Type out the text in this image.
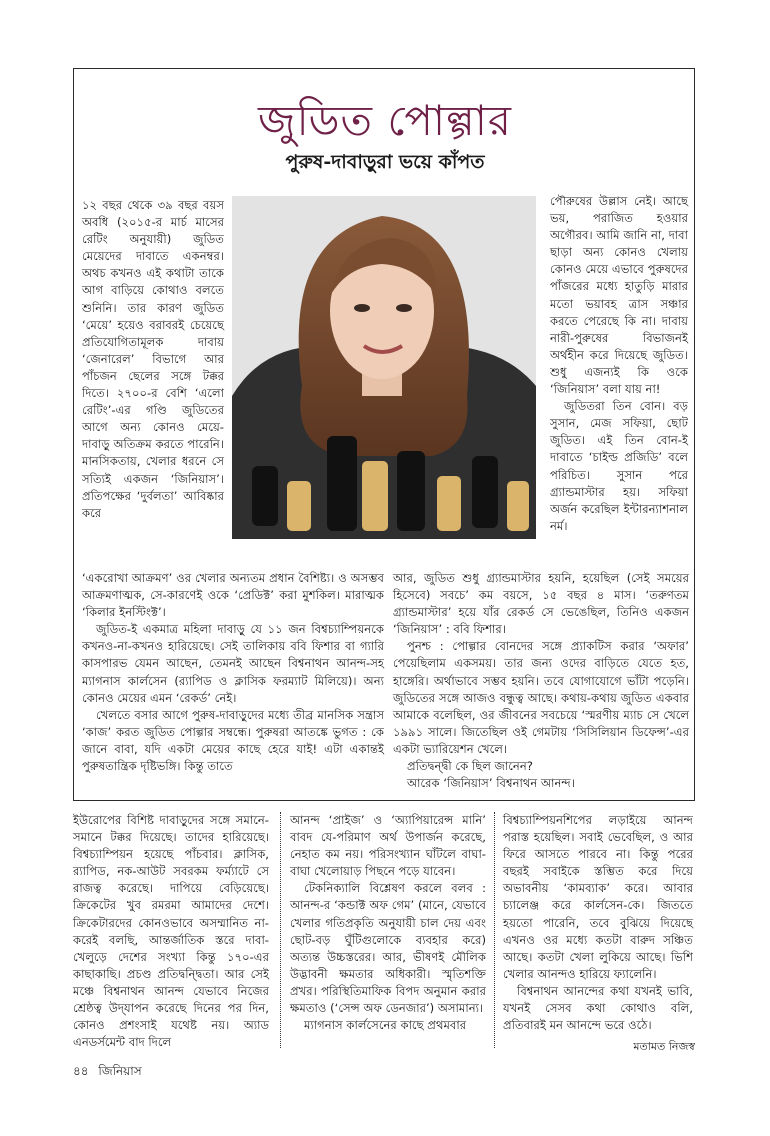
জুডিত পোল্গার
পুরুষ-দাবাড়ুরা ভয়ে কাঁপত

১২ বছর থেকে ৩৯ বছর বয়স অবধি (২০১৫-র মার্চ মাসের রেটিং অনুযায়ী) জুডিত মেয়েদের দাবাতে একনম্বর। অথচ কখনও এই কথাটা তাকে আগ বাড়িয়ে কোথাও বলতে শুনিনি। তার কারণ জুডিত ‘মেয়ে’ হয়েও বরাবরই চেয়েছে প্রতিযোগিতামূলক দাবায় ‘জেনারেল’ বিভাগে আর পাঁচজন ছেলের সঙ্গে টক্কর দিতে। ২৭০০-র বেশি ‘এলো রেটিং’-এর গণ্ডি জুডিতের আগে অন্য কোনও মেয়ে-দাবাড়ু অতিক্রম করতে পারেনি। মানসিকতায়, খেলার ধরনে সে সত্যিই একজন ‘জিনিয়াস’। প্রতিপক্ষের ‘দুর্বলতা’ আবিষ্কার করে

পৌরুষের উল্লাস নেই। আছে ভয়, পরাজিত হওয়ার অগৌরব। আমি জানি না, দাবা ছাড়া অন্য কোনও খেলায় কোনও মেয়ে এভাবে পুরুষদের পাঁজরের মধ্যে হাতুড়ি মারার মতো ভয়াবহ ত্রাস সঞ্চার করতে পেরেছে কি না। দাবায় নারী-পুরুষের বিভাজনই অর্থহীন করে দিয়েছে জুডিত। শুধু এজন্যই কি ওকে ‘জিনিয়াস’ বলা যায় না!

জুডিতরা তিন বোন। বড় সুসান, মেজ সফিয়া, ছোট জুডিত। এই তিন বোন-ই দাবাতে ‘চাইল্ড প্রজিডি’ বলে পরিচিত। সুসান পরে গ্র্যান্ডমাস্টার হয়। সফিয়া অর্জন করেছিল ইন্টারন্যাশনাল নর্ম।

‘একরোখা আক্রমণ’ ওর খেলার অন্যতম প্রধান বৈশিষ্ট্য। ও অসম্ভব আক্রমণাত্মক, সে-কারণেই ওকে ‘প্রেডিক্ট’ করা মুশকিল। মারাত্মক ‘কিলার ইনস্টিংক্ট’।

জুডিত-ই একমাত্র মহিলা দাবাড়ু যে ১১ জন বিশ্বচ্যাম্পিয়নকে কখনও-না-কখনও হারিয়েছে। সেই তালিকায় ববি ফিশার বা গ্যারি কাসপারভ যেমন আছেন, তেমনই আছেন বিশ্বনাথন আনন্দ-সহ ম্যাগনাস কার্লসেন (র‍্যাপিড ও ক্লাসিক ফরম্যাট মিলিয়ে)। অন্য কোনও মেয়ের এমন ‘রেকর্ড’ নেই।

খেলতে বসার আগে পুরুষ-দাবাড়ুদের মধ্যে তীব্র মানসিক সন্ত্রাস ‘কাজ’ করত জুডিত পোল্গার সম্বন্ধে। পুরুষরা আতঙ্কে ভুগত : কে জানে বাবা, যদি একটা মেয়ের কাছে হেরে যাই! এটা একান্তই পুরুষতান্ত্রিক দৃষ্টিভঙ্গি। কিন্তু তাতে

আর, জুডিত শুধু গ্র্যান্ডমাস্টার হয়নি, হয়েছিল (সেই সময়ের হিসেবে) সবচে’ কম বয়সে, ১৫ বছর ৪ মাস। ‘তরুণতম গ্র্যান্ডমাস্টার’ হয়ে যাঁর রেকর্ড সে ভেঙেছিল, তিনিও একজন ‘জিনিয়াস’ : ববি ফিশার।

পুনশ্চ : পোল্গার বোনদের সঙ্গে প্র্যাকটিস করার ‘অফার’ পেয়েছিলাম একসময়। তার জন্য ওদের বাড়িতে যেতে হত, হাঙ্গেরি। অর্থাভাবে সম্ভব হয়নি। তবে যোগাযোগে ভাঁটা পড়েনি। জুডিতের সঙ্গে আজও বন্ধুত্ব আছে। কথায়-কথায় জুডিত একবার আমাকে বলেছিল, ওর জীবনের সবচেয়ে ‘স্মরণীয় ম্যাচ সে খেলে ১৯৯১ সালে। জিতেছিল ওই গেমটায় ‘সিসিলিয়ান ডিফেন্স’-এর একটা ভ্যারিয়েশন খেলে।

প্রতিদ্বন্দ্বী কে ছিল জানেন?

আরেক ‘জিনিয়াস’ বিশ্বনাথন আনন্দ।

ইউরোপের বিশিষ্ট দাবাড়ুদের সঙ্গে সমানে-সমানে টক্কর দিয়েছে। তাদের হারিয়েছে। বিশ্বচ্যাম্পিয়ন হয়েছে পাঁচবার। ক্লাসিক, র‍্যাপিড, নক-আউট সবরকম ফর্ম্যাটে সে রাজত্ব করেছে। দাপিয়ে বেড়িয়েছে। ক্রিকেটের খুব রমরমা আমাদের দেশে। ক্রিকেটারদের কোনওভাবে অসম্মানিত না-করেই বলছি, আন্তর্জাতিক স্তরে দাবা-খেলুড়ে দেশের সংখ্যা কিন্তু ১৭০-এর কাছাকাছি। প্রচণ্ড প্রতিদ্বন্দ্বিতা। আর সেই মঞ্চে বিশ্বনাথন আনন্দ যেভাবে নিজের শ্রেষ্ঠত্ব উদ্‌যাপন করেছে দিনের পর দিন, কোনও প্রশংসাই যথেষ্ট নয়। অ্যাড এনডর্সমেন্ট বাদ দিলে

আনন্দ ‘প্রাইজ’ ও ‘অ্যাপিয়ারেন্স মানি’ বাবদ যে-পরিমাণ অর্থ উপার্জন করেছে, নেহাত কম নয়। পরিসংখ্যান ঘাঁটলে বাঘা-বাঘা খেলোয়াড় পিছনে পড়ে যাবেন।

টেকনিক্যালি বিশ্লেষণ করলে বলব : আনন্দ-র ‘কন্ডাক্ট অফ গেম’ (মানে, যেভাবে খেলার গতিপ্রকৃতি অনুযায়ী চাল দেয় এবং ছোট-বড় ঘুঁটিগুলোকে ব্যবহার করে) অত্যন্ত উচ্চস্তরের। আর, ভীষণই মৌলিক উদ্ভাবনী ক্ষমতার অধিকারী। স্মৃতিশক্তি প্রখর। পরিস্থিতিমাফিক বিপদ অনুমান করার ক্ষমতাও (‘সেন্স অফ ডেনজার’) অসামান্য।

ম্যাগনাস কার্লসেনের কাছে প্রথমবার

বিশ্বচ্যাম্পিয়নশিপের লড়াইয়ে আনন্দ পরাস্ত হয়েছিল। সবাই ভেবেছিল, ও আর ফিরে আসতে পারবে না। কিন্তু পরের বছরই সবাইকে স্তম্ভিত করে দিয়ে অভাবনীয় ‘কামব্যাক’ করে। আবার চ্যালেঞ্জ করে কার্লসেন-কে। জিততে হয়তো পারেনি, তবে বুঝিয়ে দিয়েছে এখনও ওর মধ্যে কতটা বারুদ সঞ্চিত আছে। কতটা খেলা লুকিয়ে আছে। ভিশি খেলার আনন্দও হারিয়ে ফ্যালেনি।

বিশ্বনাথন আনন্দের কথা যখনই ভাবি, যখনই সেসব কথা কোথাও বলি, প্রতিবারই মন আনন্দে ভরে ওঠে।

মতামত নিজস্ব
৪৪ জিনিয়াস
